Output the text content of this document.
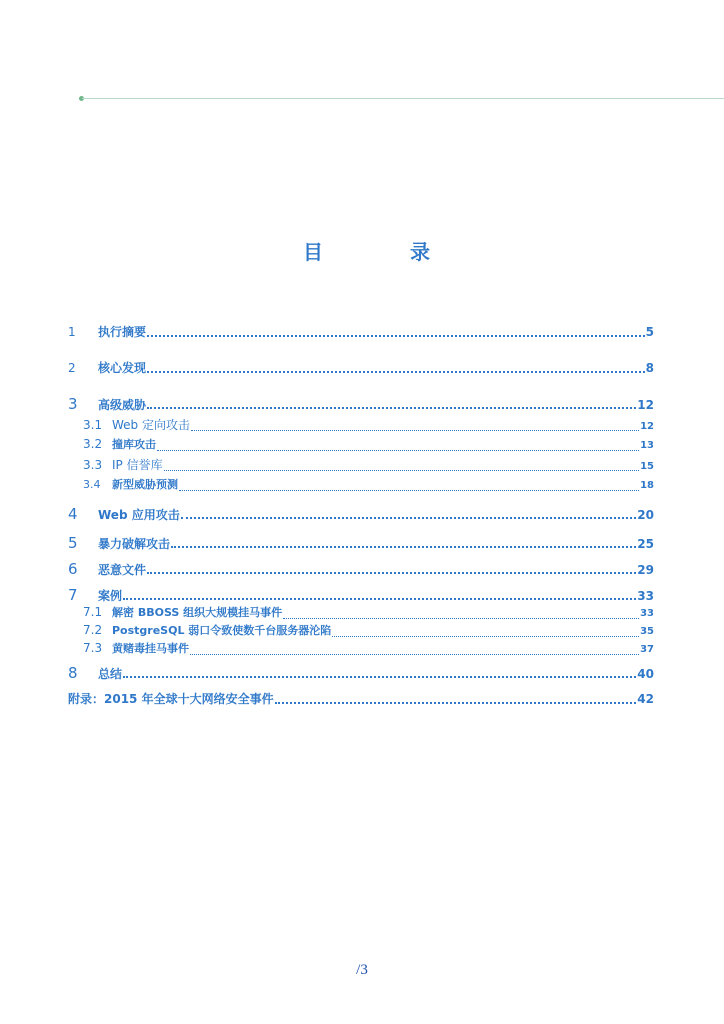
目	录
1	执行摘要	5
2	核心发现	8
3	高级威胁	12
3.1 Web 定向攻击	12
3.2 撞库攻击	13
3.3 IP 信誉库	15
3.4	新型威胁预测	18
4	Web 应用攻击	20
5	暴力破解攻击	25
6	恶意文件	29
7	案例	33
7.1 解密 BBOSS 组织大规模挂马事件	33
7.2 PostgreSQL 弱口令致使数千台服务器沦陷	35
7.3 黄赌毒挂马事件	37
8	总结	40
附录：2015 年全球十大网络安全事件	42
/3
